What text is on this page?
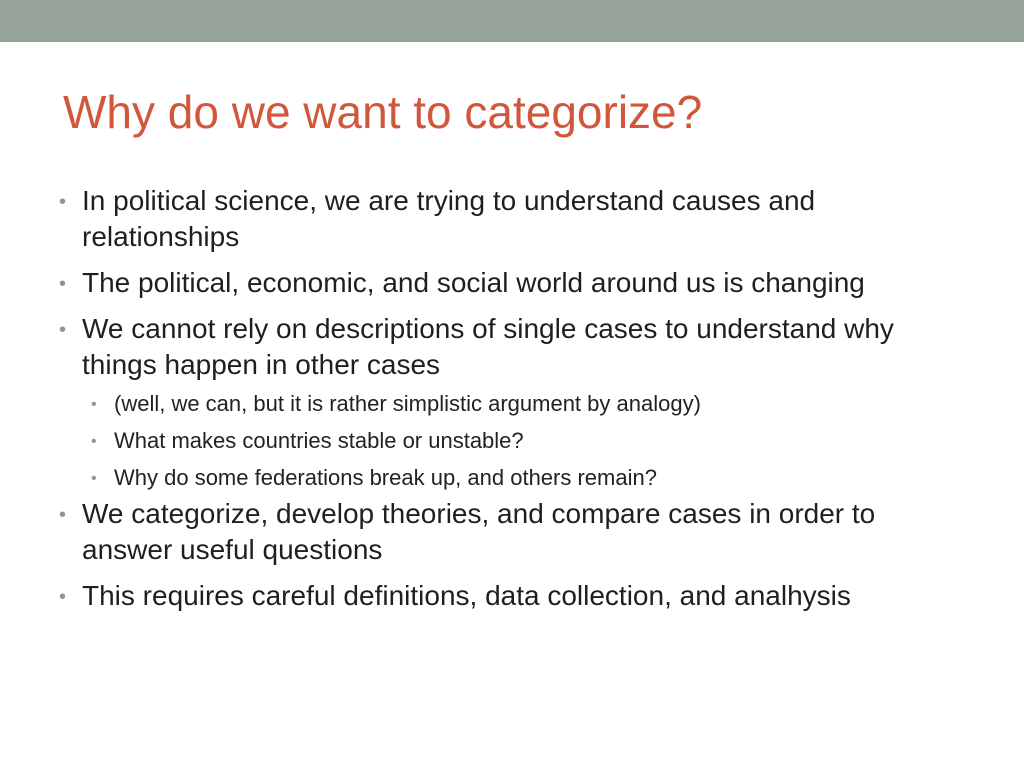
Why do we want to categorize?
• In political science, we are trying to understand causes and relationships
• The political, economic, and social world around us is changing
• We cannot rely on descriptions of single cases to understand why things happen in other cases
• (well, we can, but it is rather simplistic argument by analogy)
• What makes countries stable or unstable?
• Why do some federations break up, and others remain?
• We categorize, develop theories, and compare cases in order to answer useful questions
• This requires careful definitions, data collection, and analhysis
